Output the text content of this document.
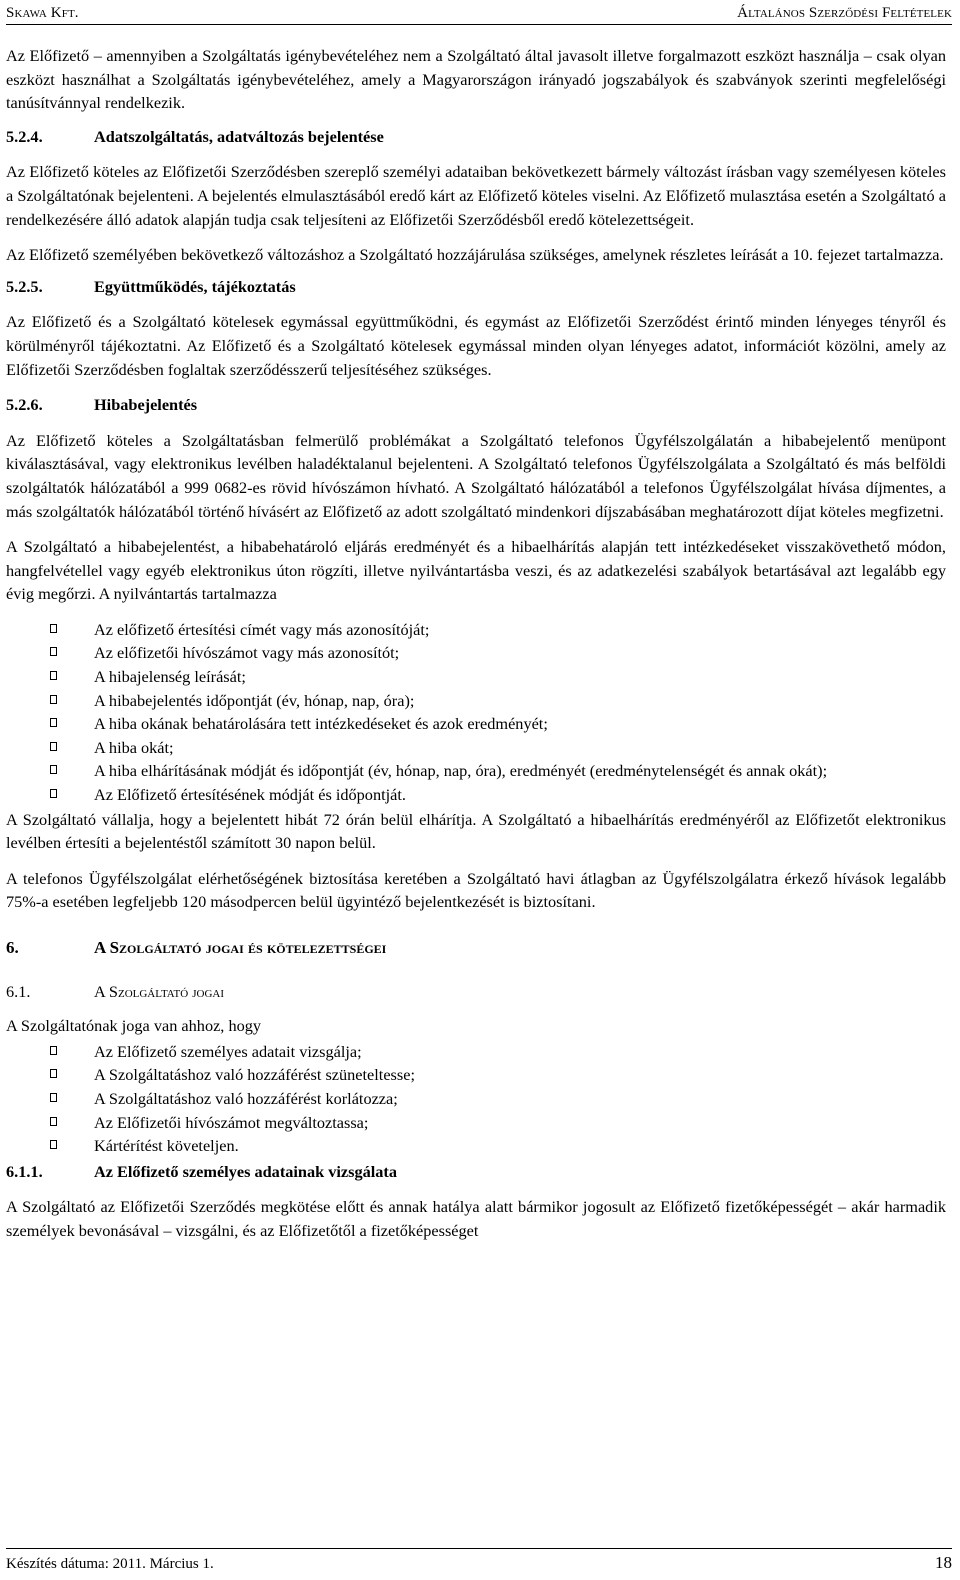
Skawa Kft.	Általános Szerződési Feltételek

Az Előfizető – amennyiben a Szolgáltatás igénybevételéhez nem a Szolgáltató által javasolt illetve forgalmazott eszközt használja – csak olyan eszközt használhat a Szolgáltatás igénybevételéhez, amely a Magyarországon irányadó jogszabályok és szabványok szerinti megfelelőségi tanúsítvánnyal rendelkezik.

5.2.4.	Adatszolgáltatás, adatváltozás bejelentése

Az Előfizető köteles az Előfizetői Szerződésben szereplő személyi adataiban bekövetkezett bármely változást írásban vagy személyesen köteles a Szolgáltatónak bejelenteni. A bejelentés elmulasztásából eredő kárt az Előfizető köteles viselni. Az Előfizető mulasztása esetén a Szolgáltató a rendelkezésére álló adatok alapján tudja csak teljesíteni az Előfizetői Szerződésből eredő kötelezettségeit.

Az Előfizető személyében bekövetkező változáshoz a Szolgáltató hozzájárulása szükséges, amelynek részletes leírását a 10. fejezet tartalmazza.

5.2.5.	Együttműködés, tájékoztatás

Az Előfizető és a Szolgáltató kötelesek egymással együttműködni, és egymást az Előfizetői Szerződést érintő minden lényeges tényről és körülményről tájékoztatni. Az Előfizető és a Szolgáltató kötelesek egymással minden olyan lényeges adatot, információt közölni, amely az Előfizetői Szerződésben foglaltak szerződésszerű teljesítéséhez szükséges.

5.2.6.	Hibabejelentés

Az Előfizető köteles a Szolgáltatásban felmerülő problémákat a Szolgáltató telefonos Ügyfélszolgálatán a hibabejelentő menüpont kiválasztásával, vagy elektronikus levélben haladéktalanul bejelenteni. A Szolgáltató telefonos Ügyfélszolgálata a Szolgáltató és más belföldi szolgáltatók hálózatából a 999 0682-es rövid hívószámon hívható. A Szolgáltató hálózatából a telefonos Ügyfélszolgálat hívása díjmentes, a más szolgáltatók hálózatából történő hívásért az Előfizető az adott szolgáltató mindenkori díjszabásában meghatározott díjat köteles megfizetni.

A Szolgáltató a hibabejelentést, a hibabehatároló eljárás eredményét és a hibaelhárítás alapján tett intézkedéseket visszakövethető módon, hangfelvétellel vagy egyéb elektronikus úton rögzíti, illetve nyilvántartásba veszi, és az adatkezelési szabályok betartásával azt legalább egy évig megőrzi. A nyilvántartás tartalmazza

Az előfizető értesítési címét vagy más azonosítóját;
Az előfizetői hívószámot vagy más azonosítót;
A hibajelenség leírását;
A hibabejelentés időpontját (év, hónap, nap, óra);
A hiba okának behatárolására tett intézkedéseket és azok eredményét;
A hiba okát;
A hiba elhárításának módját és időpontját (év, hónap, nap, óra), eredményét (eredménytelenségét és annak okát);
Az Előfizető értesítésének módját és időpontját.

A Szolgáltató vállalja, hogy a bejelentett hibát 72 órán belül elhárítja. A Szolgáltató a hibaelhárítás eredményéről az Előfizetőt elektronikus levélben értesíti a bejelentéstől számított 30 napon belül.

A telefonos Ügyfélszolgálat elérhetőségének biztosítása keretében a Szolgáltató havi átlagban az Ügyfélszolgálatra érkező hívások legalább 75%-a esetében legfeljebb 120 másodpercen belül ügyintéző bejelentkezését is biztosítani.

6.	A Szolgáltató jogai és kötelezettségei
6.1.	A Szolgáltató jogai

A Szolgáltatónak joga van ahhoz, hogy

Az Előfizető személyes adatait vizsgálja;
A Szolgáltatáshoz való hozzáférést szüneteltesse;
A Szolgáltatáshoz való hozzáférést korlátozza;
Az Előfizetői hívószámot megváltoztassa;
Kártérítést követeljen.
6.1.1.	Az Előfizető személyes adatainak vizsgálata

A Szolgáltató az Előfizetői Szerződés megkötése előtt és annak hatálya alatt bármikor jogosult az Előfizető fizetőképességét – akár harmadik személyek bevonásával – vizsgálni, és az Előfizetőtől a fizetőképességet

Készítés dátuma: 2011. Március 1.	18
